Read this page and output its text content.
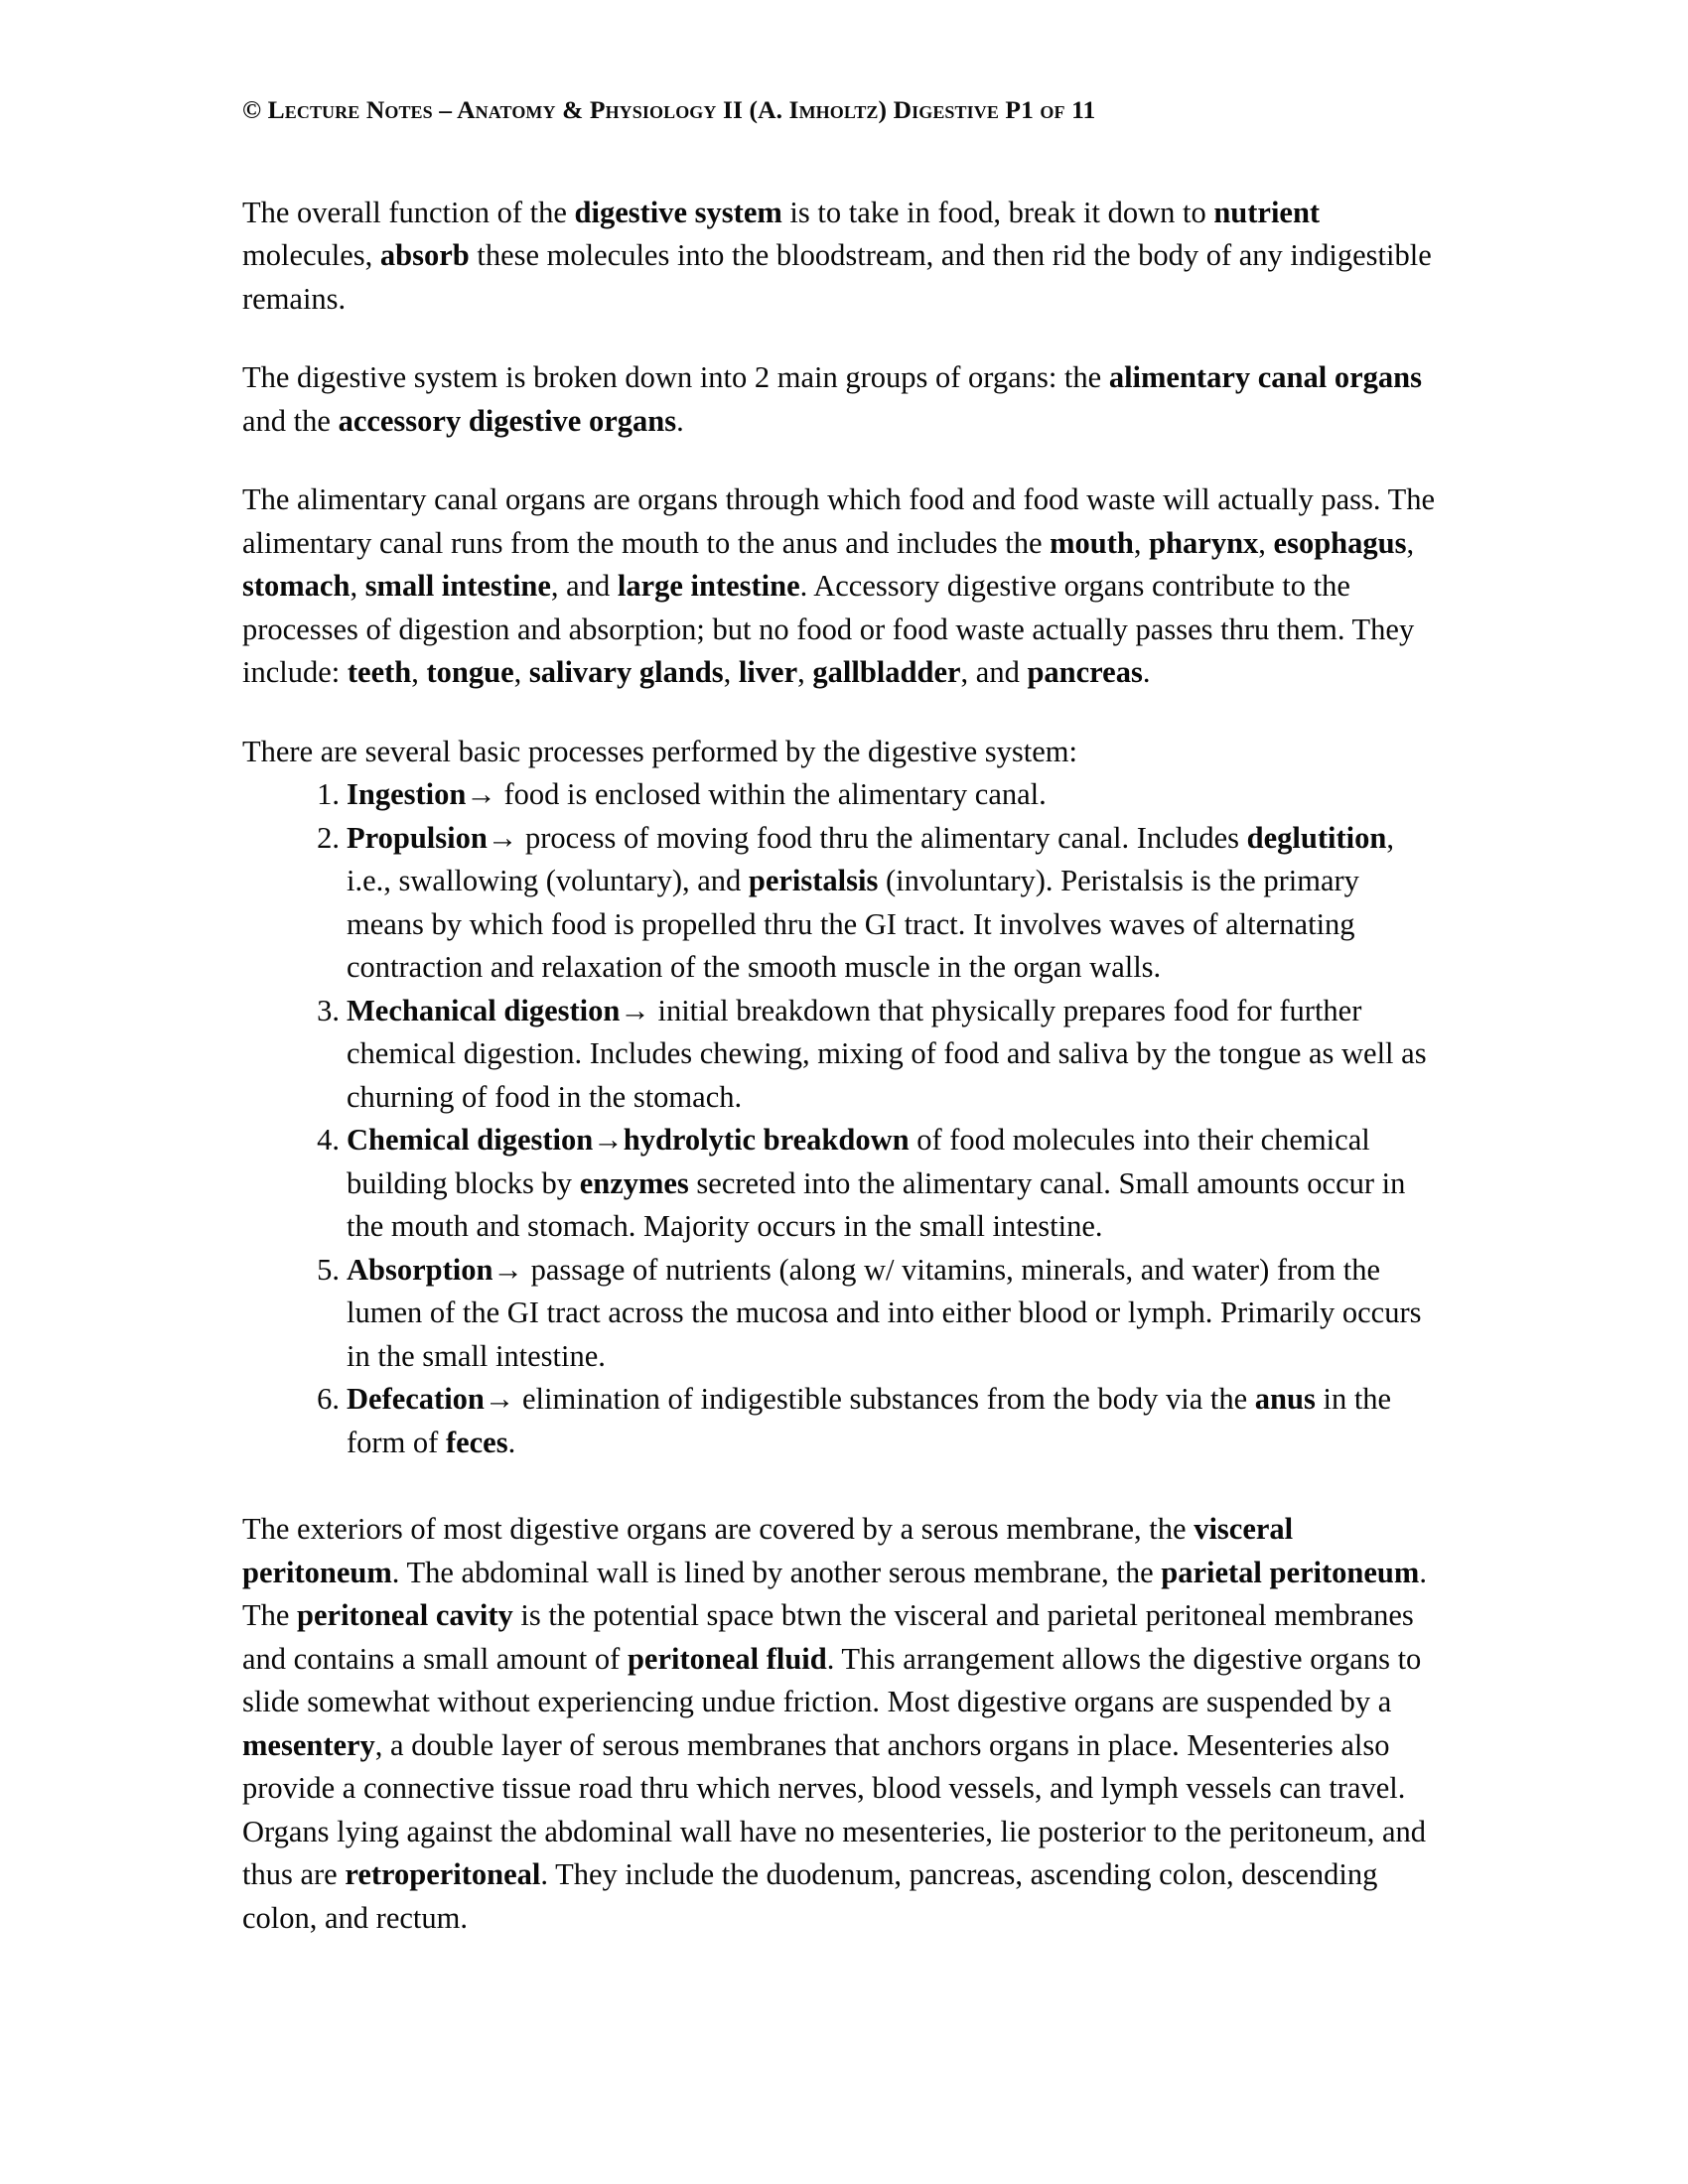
© Lecture Notes – Anatomy & Physiology II (A. Imholtz) Digestive P1 of 11

The overall function of the digestive system is to take in food, break it down to nutrient molecules, absorb these molecules into the bloodstream, and then rid the body of any indigestible remains.

The digestive system is broken down into 2 main groups of organs: the alimentary canal organs and the accessory digestive organs.

The alimentary canal organs are organs through which food and food waste will actually pass. The alimentary canal runs from the mouth to the anus and includes the mouth, pharynx, esophagus, stomach, small intestine, and large intestine. Accessory digestive organs contribute to the processes of digestion and absorption; but no food or food waste actually passes thru them. They include: teeth, tongue, salivary glands, liver, gallbladder, and pancreas.

There are several basic processes performed by the digestive system:

1. Ingestion→ food is enclosed within the alimentary canal.
2. Propulsion→ process of moving food thru the alimentary canal. Includes deglutition, i.e., swallowing (voluntary), and peristalsis (involuntary). Peristalsis is the primary means by which food is propelled thru the GI tract. It involves waves of alternating contraction and relaxation of the smooth muscle in the organ walls.
3. Mechanical digestion→ initial breakdown that physically prepares food for further chemical digestion. Includes chewing, mixing of food and saliva by the tongue as well as churning of food in the stomach.
4. Chemical digestion→hydrolytic breakdown of food molecules into their chemical building blocks by enzymes secreted into the alimentary canal. Small amounts occur in the mouth and stomach. Majority occurs in the small intestine.
5. Absorption→ passage of nutrients (along w/ vitamins, minerals, and water) from the lumen of the GI tract across the mucosa and into either blood or lymph. Primarily occurs in the small intestine.
6. Defecation→ elimination of indigestible substances from the body via the anus in the form of feces.

The exteriors of most digestive organs are covered by a serous membrane, the visceral peritoneum. The abdominal wall is lined by another serous membrane, the parietal peritoneum. The peritoneal cavity is the potential space btwn the visceral and parietal peritoneal membranes and contains a small amount of peritoneal fluid. This arrangement allows the digestive organs to slide somewhat without experiencing undue friction. Most digestive organs are suspended by a mesentery, a double layer of serous membranes that anchors organs in place. Mesenteries also provide a connective tissue road thru which nerves, blood vessels, and lymph vessels can travel. Organs lying against the abdominal wall have no mesenteries, lie posterior to the peritoneum, and thus are retroperitoneal. They include the duodenum, pancreas, ascending colon, descending colon, and rectum.
